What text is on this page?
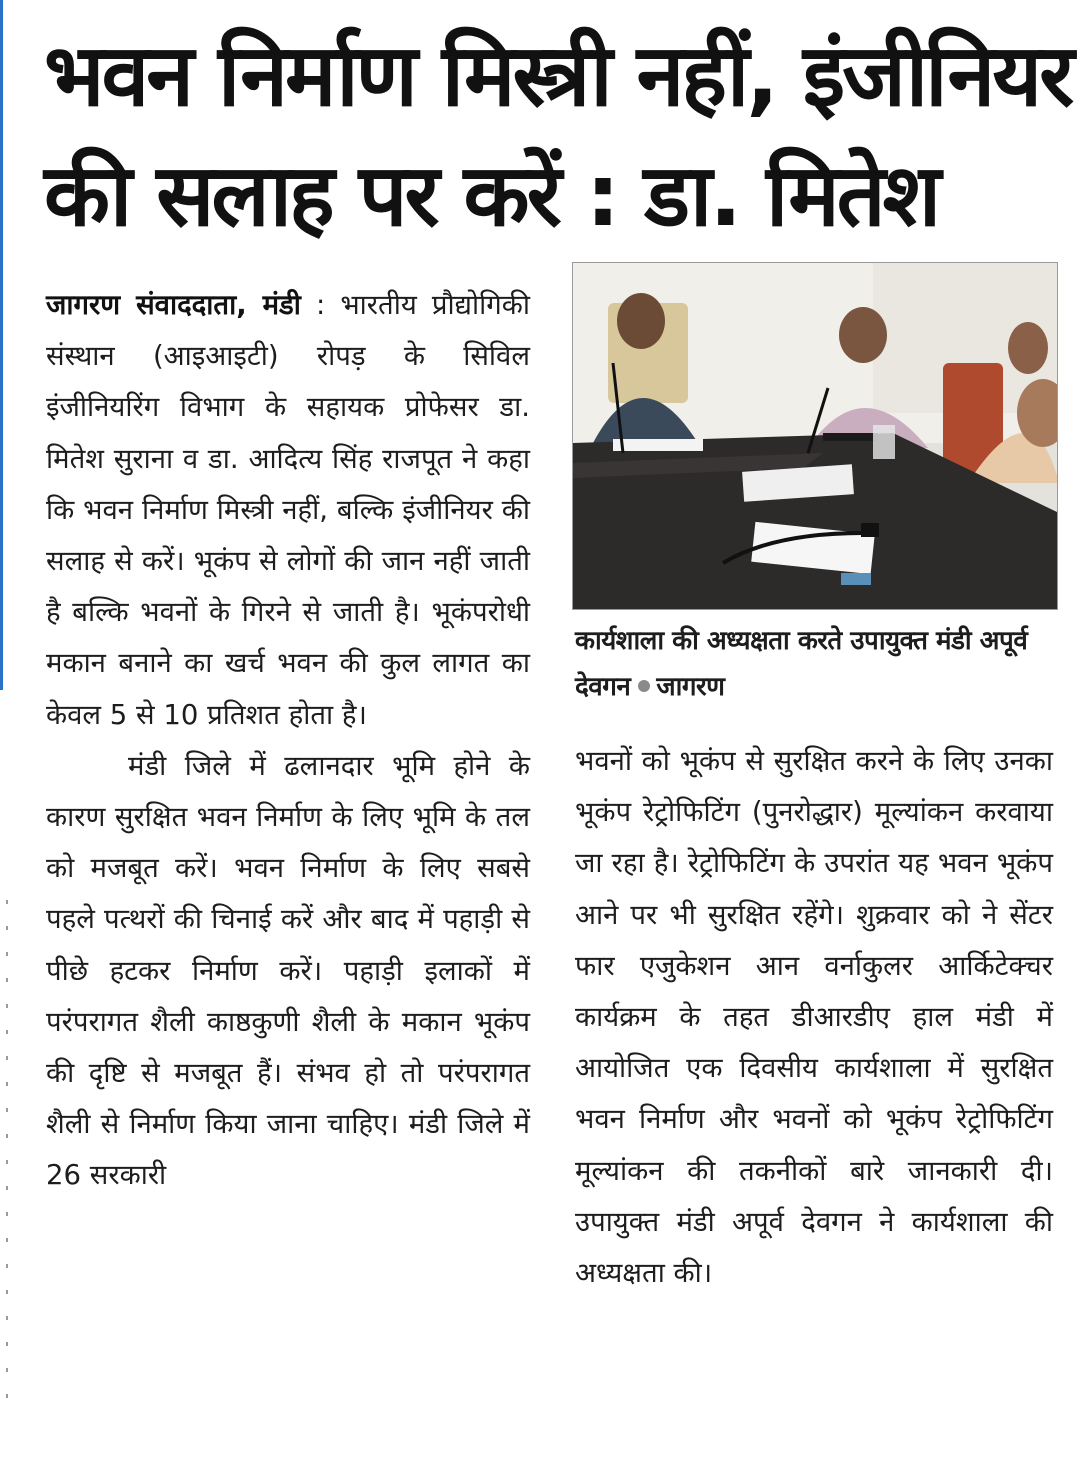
भवन निर्माण मिस्त्री नहीं, इंजीनियर
की सलाह पर करें : डा. मितेश

जागरण संवाददाता, मंडी : भारतीय प्रौद्योगिकी संस्थान (आइआइटी) रोपड़ के सिविल इंजीनियरिंग विभाग के सहायक प्रोफेसर डा. मितेश सुराना व डा. आदित्य सिंह राजपूत ने कहा कि भवन निर्माण मिस्त्री नहीं, बल्कि इंजीनियर की सलाह से करें। भूकंप से लोगों की जान नहीं जाती है बल्कि भवनों के गिरने से जाती है। भूकंपरोधी मकान बनाने का खर्च भवन की कुल लागत का केवल 5 से 10 प्रतिशत होता है।

मंडी जिले में ढलानदार भूमि होने के कारण सुरक्षित भवन निर्माण के लिए भूमि के तल को मजबूत करें। भवन निर्माण के लिए सबसे पहले पत्थरों की चिनाई करें और बाद में पहाड़ी से पीछे हटकर निर्माण करें। पहाड़ी इलाकों में परंपरागत शैली काष्ठकुणी शैली के मकान भूकंप की दृष्टि से मजबूत हैं। संभव हो तो परंपरागत शैली से निर्माण किया जाना चाहिए। मंडी जिले में 26 सरकारी

कार्यशाला की अध्यक्षता करते उपायुक्त मंडी अपूर्व देवगन जागरण

भवनों को भूकंप से सुरक्षित करने के लिए उनका भूकंप रेट्रोफिटिंग (पुनरोद्धार) मूल्यांकन करवाया जा रहा है। रेट्रोफिटिंग के उपरांत यह भवन भूकंप आने पर भी सुरक्षित रहेंगे। शुक्रवार को ने सेंटर फार एजुकेशन आन वर्नाकुलर आर्किटेक्चर कार्यक्रम के तहत डीआरडीए हाल मंडी में आयोजित एक दिवसीय कार्यशाला में सुरक्षित भवन निर्माण और भवनों को भूकंप रेट्रोफिटिंग मूल्यांकन की तकनीकों बारे जानकारी दी। उपायुक्त मंडी अपूर्व देवगन ने कार्यशाला की अध्यक्षता की।
